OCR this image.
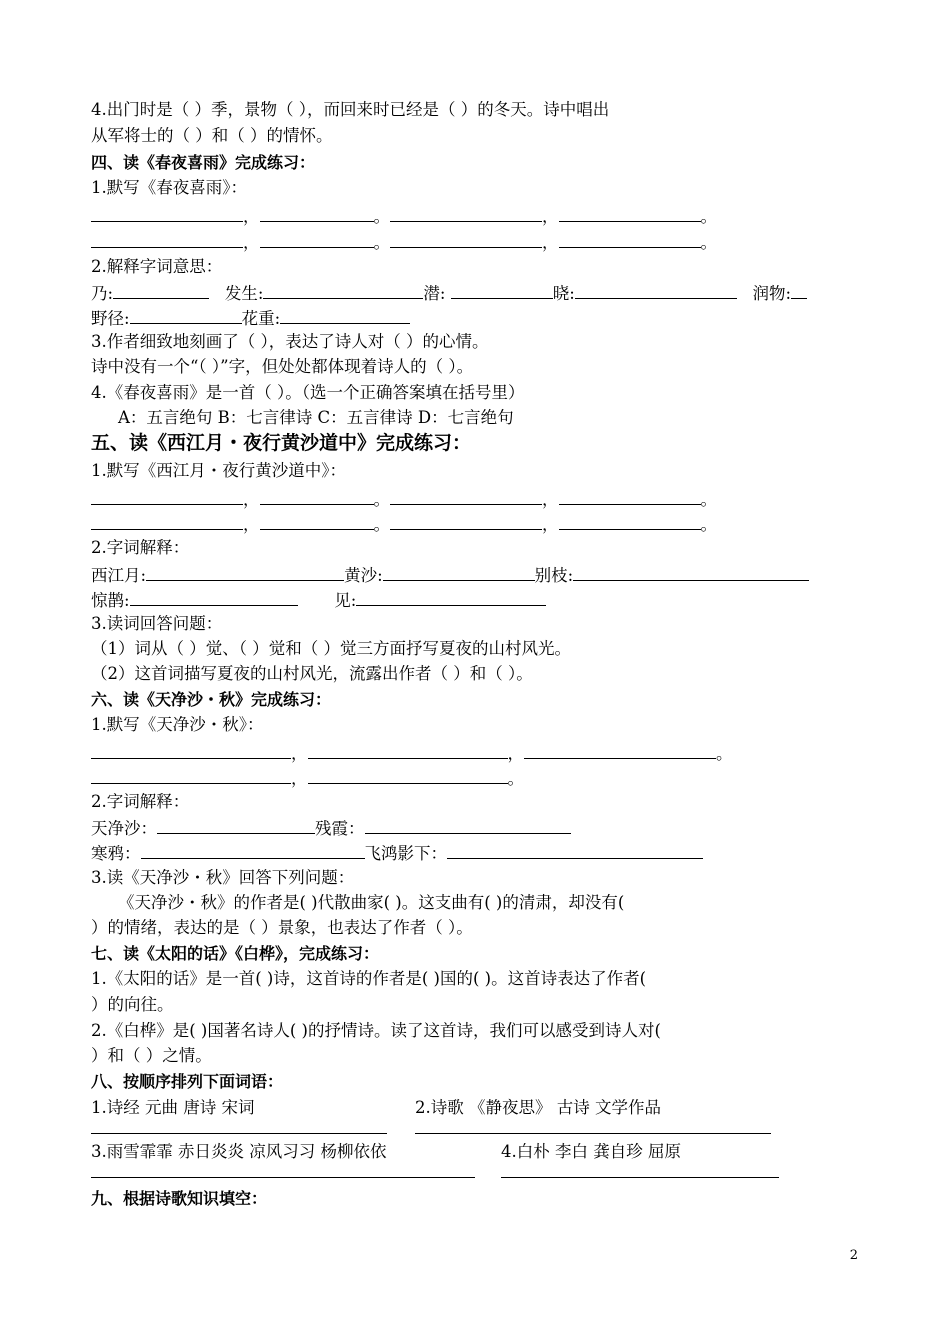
4.出门时是（ ）季，景物（ ），而回来时已经是（ ）的冬天。诗中唱出
从军将士的（ ）和（ ）的情怀。
四、读《春夜喜雨》完成练习：
1.默写《春夜喜雨》：
，	。	，	。
，	。	，	。
2.解释字词意思：
乃:	发生:	潜:	晓:	润物:
野径:	花重:
3.作者细致地刻画了（ ），表达了诗人对（ ）的心情。
诗中没有一个“（ ）”字，但处处都体现着诗人的（ ）。
4.《春夜喜雨》是一首（ ）。（选一个正确答案填在括号里）
A：五言绝句 B：七言律诗 C：五言律诗 D：七言绝句
五、读《西江月・夜行黄沙道中》完成练习：
1.默写《西江月・夜行黄沙道中》：
，	。	，	。
，	。	，	。
2.字词解释：
西江月:	黄沙:	别枝:
惊鹊:	见:
3.读词回答问题：
（1）词从（ ）觉、（ ）觉和（ ）觉三方面抒写夏夜的山村风光。
（2）这首词描写夏夜的山村风光，流露出作者（ ）和（ ）。
六、读《天净沙・秋》完成练习：
1.默写《天净沙・秋》：
，	，	。
，	。
2.字词解释：
天净沙：	残霞：
寒鸦：	飞鸿影下：
3.读《天净沙・秋》回答下列问题：
《天净沙・秋》的作者是( )代散曲家( )。这支曲有( )的清肃，却没有(
）的情绪，表达的是（ ）景象，也表达了作者（ ）。
七、读《太阳的话》《白桦》，完成练习：
1.《太阳的话》是一首( )诗，这首诗的作者是( )国的( )。这首诗表达了作者(
）的向往。
2.《白桦》是( )国著名诗人( )的抒情诗。读了这首诗，我们可以感受到诗人对(
）和（ ）之情。
八、按顺序排列下面词语：
1.诗经 元曲 唐诗 宋词	2.诗歌 《静夜思》 古诗 文学作品
3.雨雪霏霏 赤日炎炎 凉风习习 杨柳依依	4.白朴 李白 龚自珍 屈原
九、根据诗歌知识填空：
2
